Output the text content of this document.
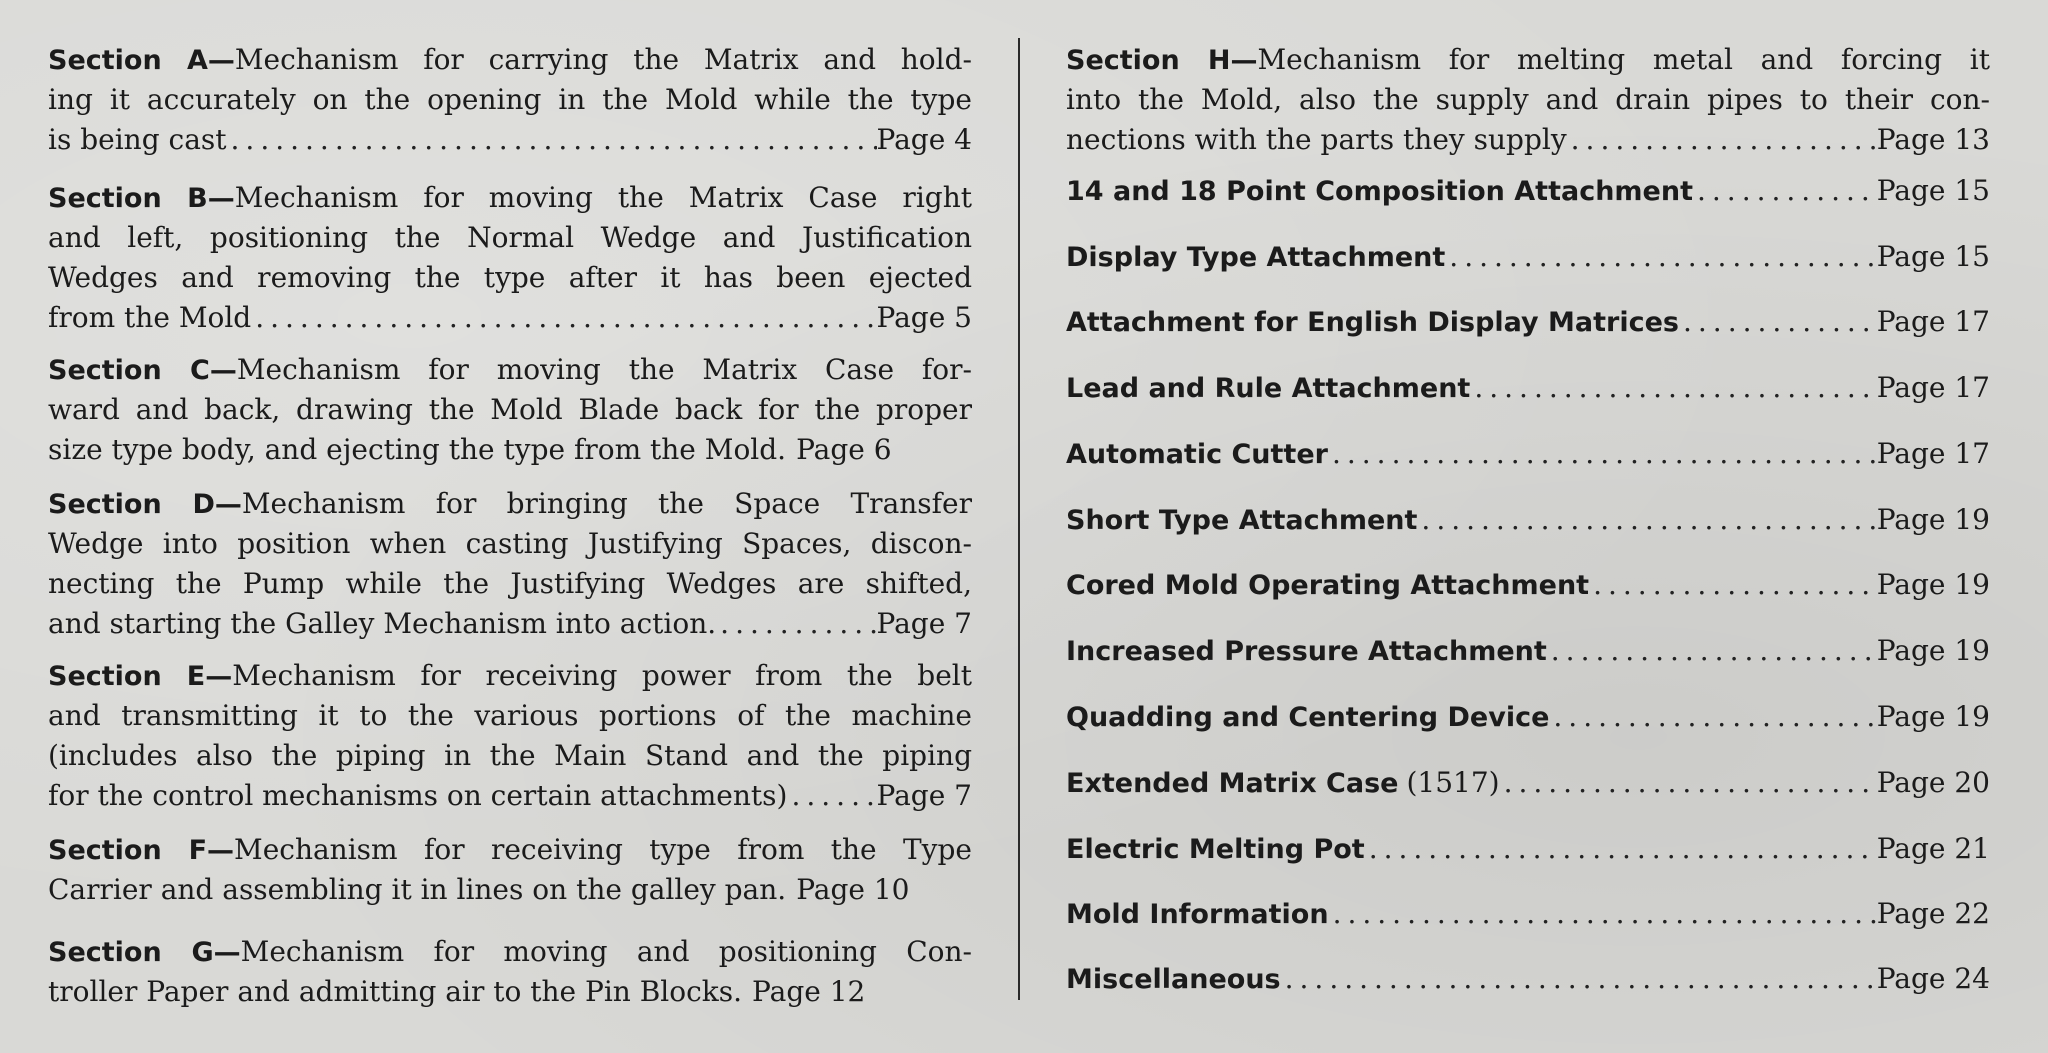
Section A—Mechanism for carrying the Matrix and hold-
ing it accurately on the opening in the Mold while the type
is being cast .....	Page 4
Section B—Mechanism for moving the Matrix Case right
and left, positioning the Normal Wedge and Justification
Wedges and removing the type after it has been ejected
from the Mold .....	Page 5
Section C—Mechanism for moving the Matrix Case for-
ward and back, drawing the Mold Blade back for the proper
size type body, and ejecting the type from the Mold. Page 6
Section D—Mechanism for bringing the Space Transfer
Wedge into position when casting Justifying Spaces, discon-
necting the Pump while the Justifying Wedges are shifted,
and starting the Galley Mechanism into action. .....	Page 7
Section E—Mechanism for receiving power from the belt
and transmitting it to the various portions of the machine
(includes also the piping in the Main Stand and the piping
for the control mechanisms on certain attachments) .....	Page 7
Section F—Mechanism for receiving type from the Type
Carrier and assembling it in lines on the galley pan. Page 10
Section G—Mechanism for moving and positioning Con-
troller Paper and admitting air to the Pin Blocks. Page 12
Section H—Mechanism for melting metal and forcing it
into the Mold, also the supply and drain pipes to their con-
nections with the parts they supply .....	Page 13
14 and 18 Point Composition Attachment .....	Page 15
Display Type Attachment .....	Page 15
Attachment for English Display Matrices .....	Page 17
Lead and Rule Attachment .....	Page 17
Automatic Cutter .....	Page 17
Short Type Attachment .....	Page 19
Cored Mold Operating Attachment .....	Page 19
Increased Pressure Attachment .....	Page 19
Quadding and Centering Device .....	Page 19
Extended Matrix Case (1517) .....	Page 20
Electric Melting Pot .....	Page 21
Mold Information .....	Page 22
Miscellaneous .....	Page 24
